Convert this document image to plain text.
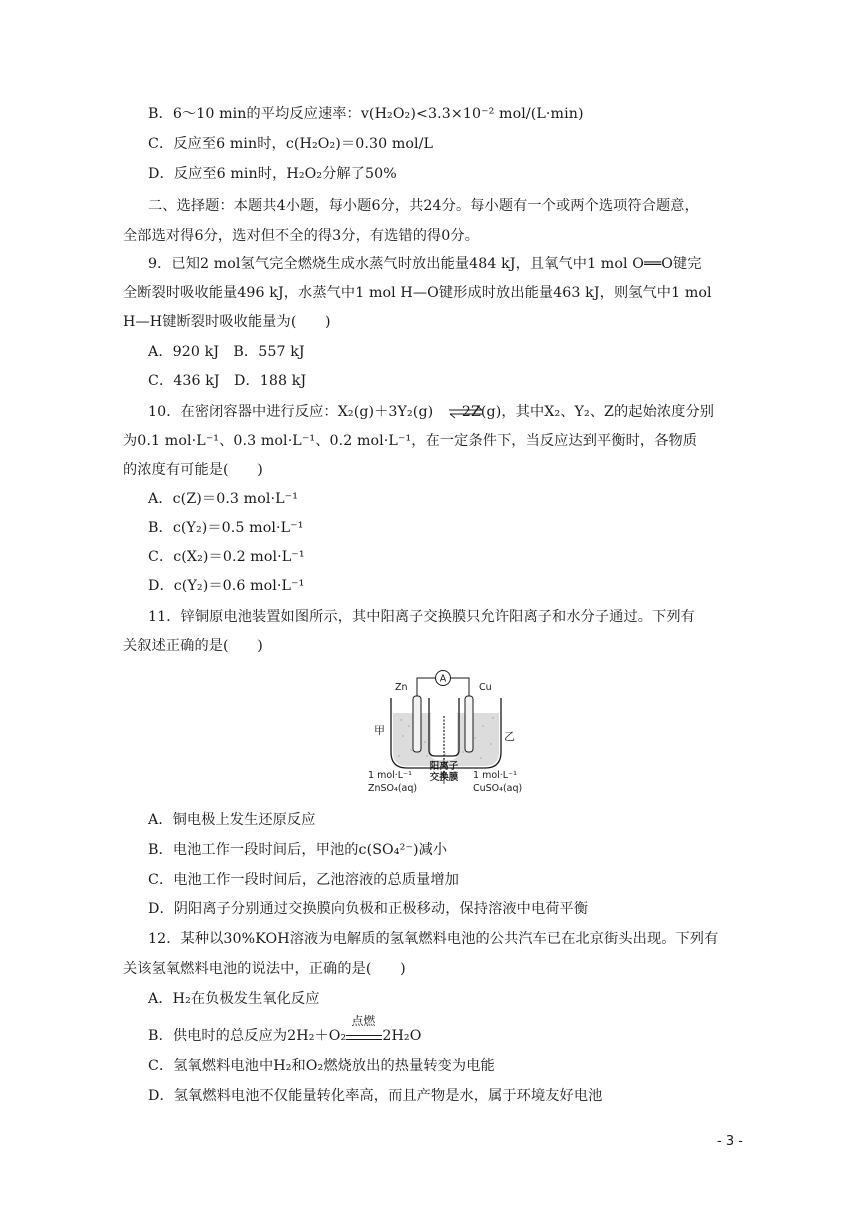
B．6～10 min的平均反应速率：v(H₂O₂)<3.3×10⁻² mol/(L·min)
C．反应至6 min时，c(H₂O₂)＝0.30 mol/L
D．反应至6 min时，H₂O₂分解了50%
二、选择题：本题共4小题，每小题6分，共24分。每小题有一个或两个选项符合题意，
全部选对得6分，选对但不全的得3分，有选错的得0分。
9．已知2 mol氢气完全燃烧生成水蒸气时放出能量484 kJ，且氧气中1 mol O══O键完
全断裂时吸收能量496 kJ，水蒸气中1 mol H—O键形成时放出能量463 kJ，则氢气中1 mol
H—H键断裂时吸收能量为(　　)
A．920 kJ　B．557 kJ
C．436 kJ　D．188 kJ
10．在密闭容器中进行反应：X₂(g)＋3Y₂(g)　　2Z(g)，其中X₂、Y₂、Z的起始浓度分别
为0.1 mol·L⁻¹、0.3 mol·L⁻¹、0.2 mol·L⁻¹，在一定条件下，当反应达到平衡时，各物质
的浓度有可能是(　　)
A．c(Z)＝0.3 mol·L⁻¹
B．c(Y₂)＝0.5 mol·L⁻¹
C．c(X₂)＝0.2 mol·L⁻¹
D．c(Y₂)＝0.6 mol·L⁻¹
11．锌铜原电池装置如图所示，其中阳离子交换膜只允许阳离子和水分子通过。下列有
关叙述正确的是(　　)
A
Zn	Cu
甲	乙
阳离子
交换膜
1 mol·L⁻¹
ZnSO₄(aq)
1 mol·L⁻¹
CuSO₄(aq)
A．铜电极上发生还原反应
B．电池工作一段时间后，甲池的c(SO₄²⁻)减小
C．电池工作一段时间后，乙池溶液的总质量增加
D．阴阳离子分别通过交换膜向负极和正极移动，保持溶液中电荷平衡
12．某种以30%KOH溶液为电解质的氢氧燃料电池的公共汽车已在北京街头出现。下列有
关该氢氧燃料电池的说法中，正确的是(　　)
A．H₂在负极发生氧化反应
B．供电时的总反应为2H₂＋O₂
点燃
2H₂O
C．氢氧燃料电池中H₂和O₂燃烧放出的热量转变为电能
D．氢氧燃料电池不仅能量转化率高，而且产物是水，属于环境友好电池
- 3 -
